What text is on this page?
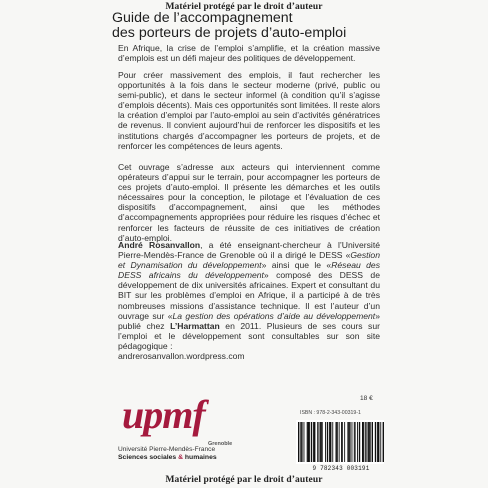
Matériel protégé par le droit d’auteur
Guide de l’accompagnement
des porteurs de projets d’auto-emploi
En Afrique, la crise de l’emploi s’amplifie, et la création massive d’emplois est un défi majeur des politiques de développement.
Pour créer massivement des emplois, il faut rechercher les opportunités à la fois dans le secteur moderne (privé, public ou semi-public), et dans le secteur informel (à condition qu’il s’agisse d’emplois décents). Mais ces opportunités sont limitées. Il reste alors la création d’emploi par l’auto-emploi au sein d’activités génératrices de revenus. Il convient aujourd’hui de renforcer les dispositifs et les institutions chargés d’accompagner les porteurs de projets, et de renforcer les compétences de leurs agents.
Cet ouvrage s’adresse aux acteurs qui interviennent comme opérateurs d’appui sur le terrain, pour accompagner les porteurs de ces projets d’auto-emploi. Il présente les démarches et les outils nécessaires pour la conception, le pilotage et l’évaluation de ces dispositifs d’accompagnement, ainsi que les méthodes d’accompagnements appropriées pour réduire les risques d’échec et renforcer les facteurs de réussite de ces initiatives de création d’auto-emploi.
André Rosanvallon, a été enseignant-chercheur à l’Université Pierre-Mendès-France de Grenoble où il a dirigé le DESS «Gestion et Dynamisation du développement» ainsi que le «Réseau des DESS africains du développement» composé des DESS de développement de dix universités africaines. Expert et consultant du BIT sur les problèmes d’emploi en Afrique, il a participé à de très nombreuses missions d’assistance technique. Il est l’auteur d’un ouvrage sur «La gestion des opérations d’aide au développement» publié chez L’Harmattan en 2011. Plusieurs de ses cours sur l’emploi et le développement sont consultables sur son site pédagogique :
andrerosanvallon.wordpress.com
upmf
Grenoble
Université Pierre-Mendès-France
Sciences sociales & humaines
18 €
ISBN : 978-2-343-00319-1
9 782343 003191
Matériel protégé par le droit d’auteur
